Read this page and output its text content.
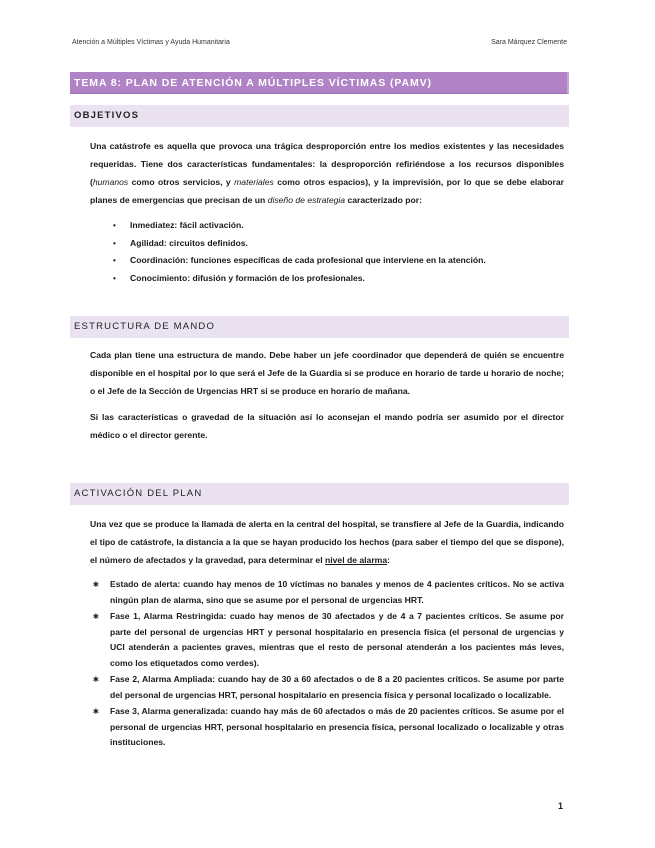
Atención a Múltiples Víctimas y Ayuda Humanitaria	Sara Márquez Clemente
TEMA 8: PLAN DE ATENCIÓN A MÚLTIPLES VÍCTIMAS (PAMV)
OBJETIVOS
Una catástrofe es aquella que provoca una trágica desproporción entre los medios existentes y las necesidades requeridas. Tiene dos características fundamentales: la desproporción refiriéndose a los recursos disponibles (humanos como otros servicios, y materiales como otros espacios), y la imprevisión, por lo que se debe elaborar planes de emergencias que precisan de un diseño de estrategia caracterizado por:
• Inmediatez: fácil activación.
• Agilidad: circuitos definidos.
• Coordinación: funciones específicas de cada profesional que interviene en la atención.
• Conocimiento: difusión y formación de los profesionales.
ESTRUCTURA DE MANDO
Cada plan tiene una estructura de mando. Debe haber un jefe coordinador que dependerá de quién se encuentre disponible en el hospital por lo que será el Jefe de la Guardia si se produce en horario de tarde u horario de noche; o el Jefe de la Sección de Urgencias HRT si se produce en horario de mañana.
Si las características o gravedad de la situación así lo aconsejan el mando podría ser asumido por el director médico o el director gerente.
ACTIVACIÓN DEL PLAN
Una vez que se produce la llamada de alerta en la central del hospital, se transfiere al Jefe de la Guardia, indicando el tipo de catástrofe, la distancia a la que se hayan producido los hechos (para saber el tiempo del que se dispone), el número de afectados y la gravedad, para determinar el nivel de alarma:
∗ Estado de alerta: cuando hay menos de 10 víctimas no banales y menos de 4 pacientes críticos. No se activa ningún plan de alarma, sino que se asume por el personal de urgencias HRT.
∗ Fase 1, Alarma Restringida: cuado hay menos de 30 afectados y de 4 a 7 pacientes críticos. Se asume por parte del personal de urgencias HRT y personal hospitalario en presencia física (el personal de urgencias y UCI atenderán a pacientes graves, mientras que el resto de personal atenderán a los pacientes más leves, como los etiquetados como verdes).
∗ Fase 2, Alarma Ampliada: cuando hay de 30 a 60 afectados o de 8 a 20 pacientes críticos. Se asume por parte del personal de urgencias HRT, personal hospitalario en presencia física y personal localizado o localizable.
∗ Fase 3, Alarma generalizada: cuando hay más de 60 afectados o más de 20 pacientes críticos. Se asume por el personal de urgencias HRT, personal hospitalario en presencia física, personal localizado o localizable y otras instituciones.
1
